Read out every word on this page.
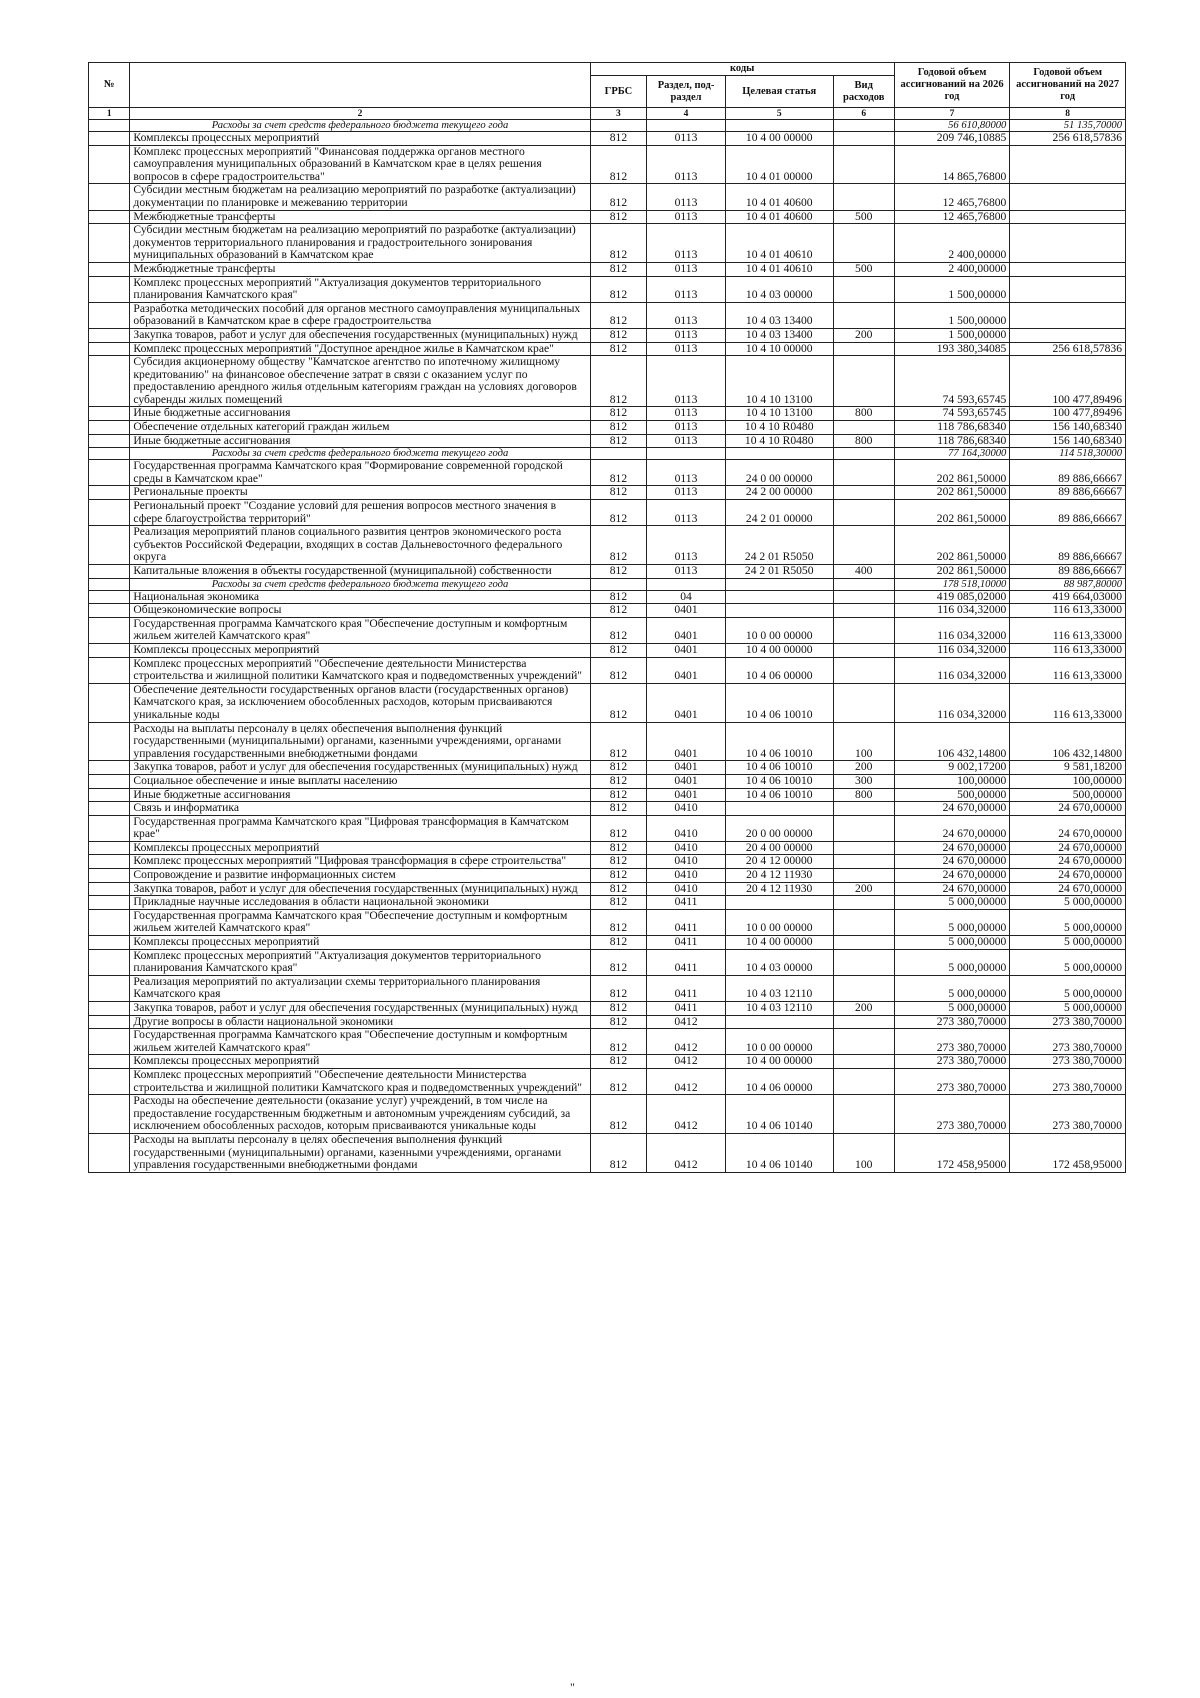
№		коды				Годовой объем ассигнований на 2026 год	Годовой объем ассигнований на 2027 год
		ГРБС	Раздел, под-раздел	Целевая статья	Вид расходов		
1	2	3	4	5	6	7	8
	Расходы за счет средств федерального бюджета текущего года					56 610,80000	51 135,70000
	Комплексы процессных мероприятий	812	0113	10 4 00 00000		209 746,10885	256 618,57836
	Комплекс процессных мероприятий "Финансовая поддержка органов местного самоуправления муниципальных образований в Камчатском крае в целях решения вопросов в сфере градостроительства"	812	0113	10 4 01 00000		14 865,76800	
	Субсидии местным бюджетам на реализацию мероприятий по разработке (актуализации) документации по планировке и межеванию территории	812	0113	10 4 01 40600		12 465,76800	
	Межбюджетные трансферты	812	0113	10 4 01 40600	500	12 465,76800	
	Субсидии местным бюджетам на реализацию мероприятий по разработке (актуализации) документов территориального планирования и градостроительного зонирования муниципальных образований в Камчатском крае	812	0113	10 4 01 40610		2 400,00000	
	Межбюджетные трансферты	812	0113	10 4 01 40610	500	2 400,00000	
	Комплекс процессных мероприятий "Актуализация документов территориального планирования Камчатского края"	812	0113	10 4 03 00000		1 500,00000	
	Разработка методических пособий для органов местного самоуправления муниципальных образований в Камчатском крае в сфере градостроительства	812	0113	10 4 03 13400		1 500,00000	
	Закупка товаров, работ и услуг для обеспечения государственных (муниципальных) нужд	812	0113	10 4 03 13400	200	1 500,00000	
	Комплекс процессных мероприятий "Доступное арендное жилье в Камчатском крае"	812	0113	10 4 10 00000		193 380,34085	256 618,57836
	Субсидия акционерному обществу "Камчатское агентство по ипотечному жилищному кредитованию" на финансовое обеспечение затрат в связи с оказанием услуг по предоставлению арендного жилья отдельным категориям граждан на условиях договоров субаренды жилых помещений	812	0113	10 4 10 13100		74 593,65745	100 477,89496
	Иные бюджетные ассигнования	812	0113	10 4 10 13100	800	74 593,65745	100 477,89496
	Обеспечение отдельных категорий граждан жильем	812	0113	10 4 10 R0480		118 786,68340	156 140,68340
	Иные бюджетные ассигнования	812	0113	10 4 10 R0480	800	118 786,68340	156 140,68340
	Расходы за счет средств федерального бюджета текущего года					77 164,30000	114 518,30000
	Государственная программа Камчатского края "Формирование современной городской среды в Камчатском крае"	812	0113	24 0 00 00000		202 861,50000	89 886,66667
	Региональные проекты	812	0113	24 2 00 00000		202 861,50000	89 886,66667
	Региональный проект "Создание условий для решения вопросов местного значения в сфере благоустройства территорий"	812	0113	24 2 01 00000		202 861,50000	89 886,66667
	Реализация мероприятий планов социального развития центров экономического роста субъектов Российской Федерации, входящих в состав Дальневосточного федерального округа	812	0113	24 2 01 R5050		202 861,50000	89 886,66667
	Капитальные вложения в объекты государственной (муниципальной) собственности	812	0113	24 2 01 R5050	400	202 861,50000	89 886,66667
	Расходы за счет средств федерального бюджета текущего года					178 518,10000	88 987,80000
	Национальная экономика	812	04			419 085,02000	419 664,03000
	Общеэкономические вопросы	812	0401			116 034,32000	116 613,33000
	Государственная программа Камчатского края "Обеспечение доступным и комфортным жильем жителей Камчатского края"	812	0401	10 0 00 00000		116 034,32000	116 613,33000
	Комплексы процессных мероприятий	812	0401	10 4 00 00000		116 034,32000	116 613,33000
	Комплекс процессных мероприятий "Обеспечение деятельности Министерства строительства и жилищной политики Камчатского края и подведомственных учреждений"	812	0401	10 4 06 00000		116 034,32000	116 613,33000
	Обеспечение деятельности государственных органов власти (государственных органов) Камчатского края, за исключением обособленных расходов, которым присваиваются уникальные коды	812	0401	10 4 06 10010		116 034,32000	116 613,33000
	Расходы на выплаты персоналу в целях обеспечения выполнения функций государственными (муниципальными) органами, казенными учреждениями, органами управления государственными внебюджетными фондами	812	0401	10 4 06 10010	100	106 432,14800	106 432,14800
	Закупка товаров, работ и услуг для обеспечения государственных (муниципальных) нужд	812	0401	10 4 06 10010	200	9 002,17200	9 581,18200
	Социальное обеспечение и иные выплаты населению	812	0401	10 4 06 10010	300	100,00000	100,00000
	Иные бюджетные ассигнования	812	0401	10 4 06 10010	800	500,00000	500,00000
	Связь и информатика	812	0410			24 670,00000	24 670,00000
	Государственная программа Камчатского края "Цифровая трансформация в Камчатском крае"	812	0410	20 0 00 00000		24 670,00000	24 670,00000
	Комплексы процессных мероприятий	812	0410	20 4 00 00000		24 670,00000	24 670,00000
	Комплекс процессных мероприятий "Цифровая трансформация в сфере строительства"	812	0410	20 4 12 00000		24 670,00000	24 670,00000
	Сопровождение и развитие информационных систем	812	0410	20 4 12 11930		24 670,00000	24 670,00000
	Закупка товаров, работ и услуг для обеспечения государственных (муниципальных) нужд	812	0410	20 4 12 11930	200	24 670,00000	24 670,00000
	Прикладные научные исследования в области национальной экономики	812	0411			5 000,00000	5 000,00000
	Государственная программа Камчатского края "Обеспечение доступным и комфортным жильем жителей Камчатского края"	812	0411	10 0 00 00000		5 000,00000	5 000,00000
	Комплексы процессных мероприятий	812	0411	10 4 00 00000		5 000,00000	5 000,00000
	Комплекс процессных мероприятий "Актуализация документов территориального планирования Камчатского края"	812	0411	10 4 03 00000		5 000,00000	5 000,00000
	Реализация мероприятий по актуализации схемы территориального планирования Камчатского края	812	0411	10 4 03 12110		5 000,00000	5 000,00000
	Закупка товаров, работ и услуг для обеспечения государственных (муниципальных) нужд	812	0411	10 4 03 12110	200	5 000,00000	5 000,00000
	Другие вопросы в области национальной экономики	812	0412			273 380,70000	273 380,70000
	Государственная программа Камчатского края "Обеспечение доступным и комфортным жильем жителей Камчатского края"	812	0412	10 0 00 00000		273 380,70000	273 380,70000
	Комплексы процессных мероприятий	812	0412	10 4 00 00000		273 380,70000	273 380,70000
	Комплекс процессных мероприятий "Обеспечение деятельности Министерства строительства и жилищной политики Камчатского края и подведомственных учреждений"	812	0412	10 4 06 00000		273 380,70000	273 380,70000
	Расходы на обеспечение деятельности (оказание услуг) учреждений, в том числе на предоставление государственным бюджетным и автономным учреждениям субсидий, за исключением обособленных расходов, которым присваиваются уникальные коды	812	0412	10 4 06 10140		273 380,70000	273 380,70000
	Расходы на выплаты персоналу в целях обеспечения выполнения функций государственными (муниципальными) органами, казенными учреждениями, органами управления государственными внебюджетными фондами	812	0412	10 4 06 10140	100	172 458,95000	172 458,95000
"
